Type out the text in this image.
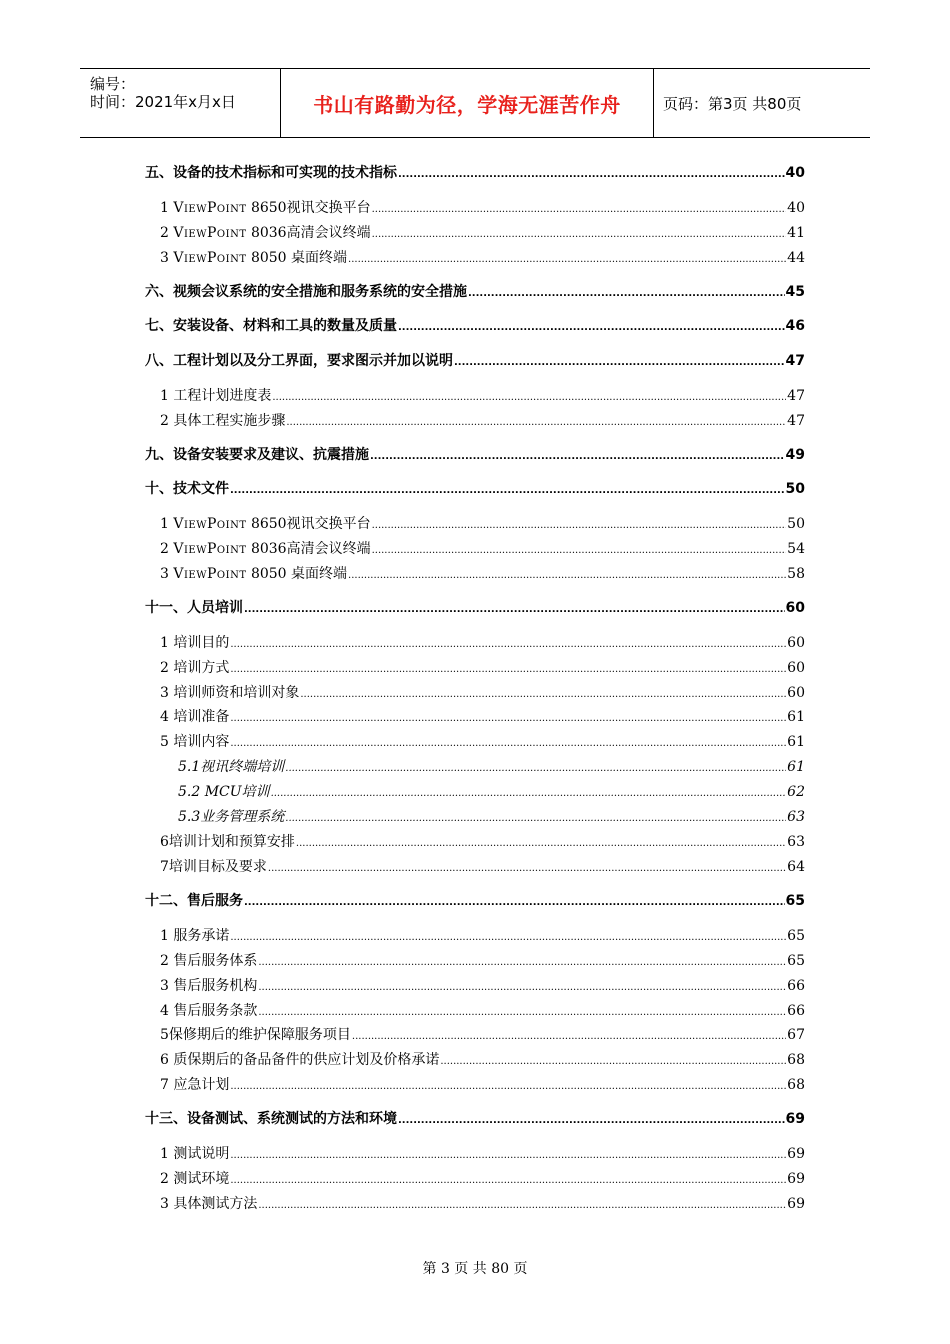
编号：
时间：2021年x月x日	书山有路勤为径，学海无涯苦作舟	页码：第3页 共80页
五、设备的技术指标和可实现的技术指标 .....	40
1 ViewPoint 8650视讯交换平台 .....	40
2 ViewPoint 8036高清会议终端 .....	41
3 ViewPoint 8050 桌面终端 .....	44
六、视频会议系统的安全措施和服务系统的安全措施 .....	45
七、安装设备、材料和工具的数量及质量 .....	46
八、工程计划以及分工界面，要求图示并加以说明 .....	47
1 工程计划进度表 .....	47
2 具体工程实施步骤 .....	47
九、设备安装要求及建议、抗震措施 .....	49
十、技术文件 .....	50
1 ViewPoint 8650视讯交换平台 .....	50
2 ViewPoint 8036高清会议终端 .....	54
3 ViewPoint 8050 桌面终端 .....	58
十一、人员培训 .....	60
1 培训目的 .....	60
2 培训方式 .....	60
3 培训师资和培训对象 .....	60
4 培训准备 .....	61
5 培训内容 .....	61
5.1视讯终端培训 .....	61
5.2 MCU培训 .....	62
5.3业务管理系统 .....	63
6培训计划和预算安排 .....	63
7培训目标及要求 .....	64
十二、售后服务 .....	65
1 服务承诺 .....	65
2 售后服务体系 .....	65
3 售后服务机构 .....	66
4 售后服务条款 .....	66
5保修期后的维护保障服务项目 .....	67
6 质保期后的备品备件的供应计划及价格承诺 .....	68
7 应急计划 .....	68
十三、设备测试、系统测试的方法和环境 .....	69
1 测试说明 .....	69
2 测试环境 .....	69
3 具体测试方法 .....	69
第 3 页 共 80 页
